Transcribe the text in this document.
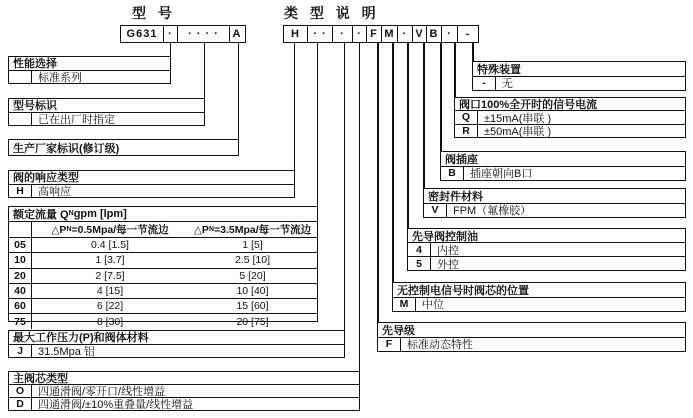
型 号	类 型 说 明
G631 ·	· · · ·	A	H	· ·	·	· F M · V B ·	-
性能选择
标准系列
型号标识
已在出厂时指定
生产厂家标识(修订级)
阀的响应类型
H	高响应
额定流量 Q N gpm [lpm]
△P N =0.5Mpa/每一节流边 △P N =3.5Mpa/每一节流边
05	0.4 [1.5]	1 [5]
10	1 [3.7]	2.5 [10]
20	2 [7.5]	5 [20]
40	4 [15]	10 [40]
60	6 [22]	15 [60]
75	8 [30]	20 [75]
最大工作压力(P)和阀体材料
J	31.5Mpa 铝
主阀芯类型
O	四通滑阀/零开口/线性增益
D	四通滑阀/±10%重叠量/线性增益
特殊装置
-	无
阀口100%全开时的信号电流
Q	±15mA(串联 )
R	±50mA(串联 )
阀插座
B	插座朝向B口
密封件材料
V	FPM（氟橡胶）
先导阀控制油
4	内控
5	外控
无控制电信号时阀芯的位置
M	中位
先导级
F	标准动态特性
